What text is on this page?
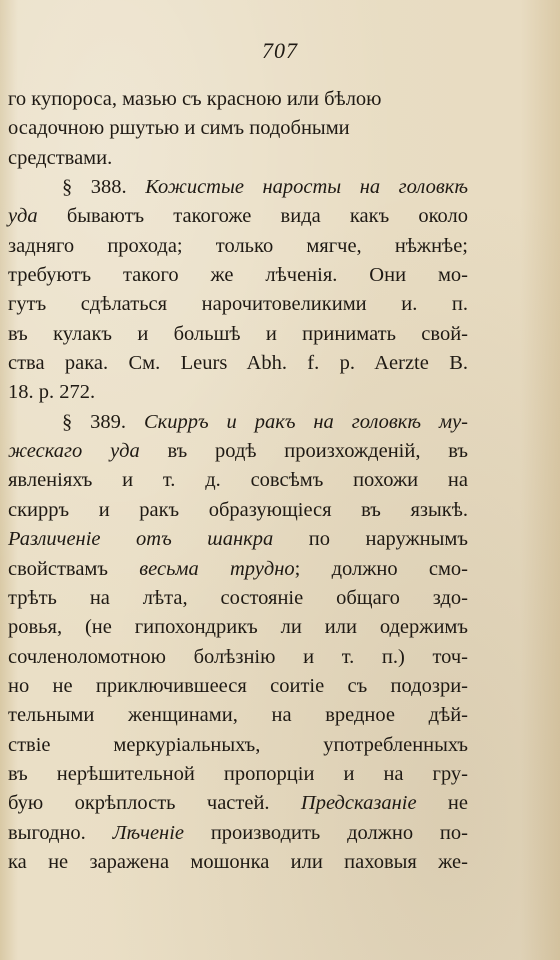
707
го купороса, мазью съ красною или бѣлою
осадочною ршутью и симъ подобными
средствами.
§ 388. Кожистые наросты на головкѣ
уда бываютъ такогоже вида какъ около
задняго прохода; только мягче, нѣжнѣе;
требуютъ такого же лѣченія. Они мо-
гутъ сдѣлаться нарочитовеликими и. п.
въ кулакъ и большѣ и принимать свой-
ства рака. См. Leurs Abh. f. p. Aerzte B.
18. p. 272.
§ 389. Скирръ и ракъ на головкѣ му-
жескаго уда въ родѣ произхожденій, въ
явленіяхъ и т. д. совсѣмъ похожи на
скирръ и ракъ образующіеся въ языкѣ.
Различеніе отъ шанкра по наружнымъ
свойствамъ весьма трудно; должно смо-
трѣть на лѣта, состояніе общаго здо-
ровья, (не гипохондрикъ ли или одержимъ
сочленоломотною болѣзнію и т. п.) точ-
но не приключившееся соитіе съ подозри-
тельными женщинами, на вредное дѣй-
ствіе меркуріальныхъ, употребленныхъ
въ нерѣшительной пропорціи и на гру-
бую окрѣплость частей. Предсказаніе не
выгодно. Лѣченіе производить должно по-
ка не заражена мошонка или паховыя же-
